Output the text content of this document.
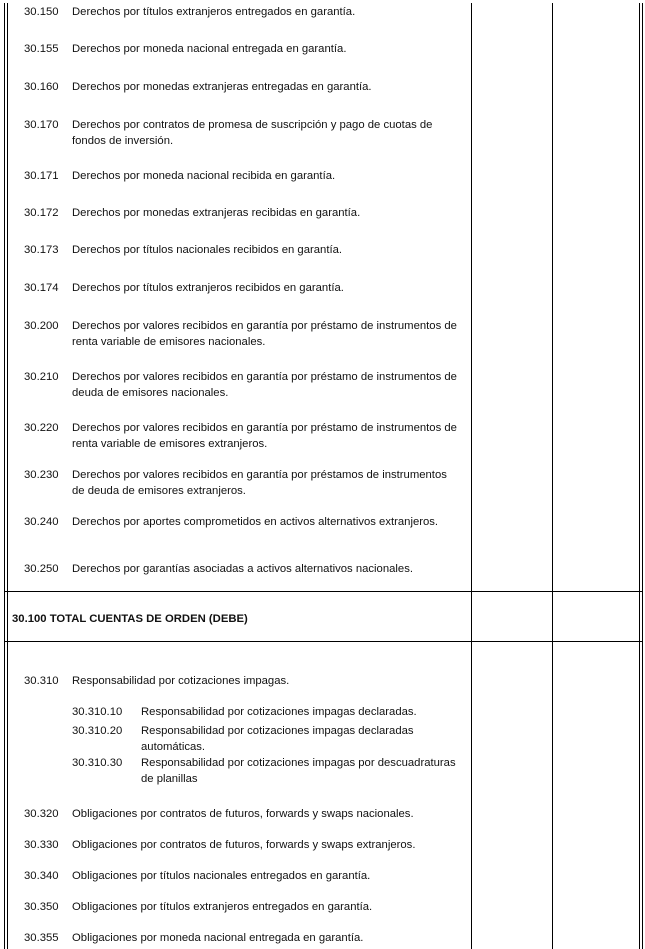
30.150 Derechos por títulos extranjeros entregados en garantía.
30.155 Derechos por moneda nacional entregada en garantía.
30.160 Derechos por monedas extranjeras entregadas en garantía.
30.170 Derechos por contratos de promesa de suscripción y pago de cuotas de fondos de inversión.
30.171 Derechos por moneda nacional recibida en garantía.
30.172 Derechos por monedas extranjeras recibidas en garantía.
30.173 Derechos por títulos nacionales recibidos en garantía.
30.174 Derechos por títulos extranjeros recibidos en garantía.
30.200 Derechos por valores recibidos en garantía por préstamo de instrumentos de renta variable de emisores nacionales.
30.210 Derechos por valores recibidos en garantía por préstamo de instrumentos de deuda de emisores nacionales.
30.220 Derechos por valores recibidos en garantía por préstamo de instrumentos de renta variable de emisores extranjeros.
30.230 Derechos por valores recibidos en garantía por préstamos de instrumentos de deuda de emisores extranjeros.
30.240 Derechos por aportes comprometidos en activos alternativos extranjeros.
30.250 Derechos por garantías asociadas a activos alternativos nacionales.
30.100 TOTAL CUENTAS DE ORDEN (DEBE)
30.310 Responsabilidad por cotizaciones impagas.
30.310.10 Responsabilidad por cotizaciones impagas declaradas.
30.310.20 Responsabilidad por cotizaciones impagas declaradas automáticas.
30.310.30 Responsabilidad por cotizaciones impagas por descuadraturas de planillas
30.320 Obligaciones por contratos de futuros, forwards y swaps nacionales.
30.330 Obligaciones por contratos de futuros, forwards y swaps extranjeros.
30.340 Obligaciones por títulos nacionales entregados en garantía.
30.350 Obligaciones por títulos extranjeros entregados en garantía.
30.355 Obligaciones por moneda nacional entregada en garantía.
